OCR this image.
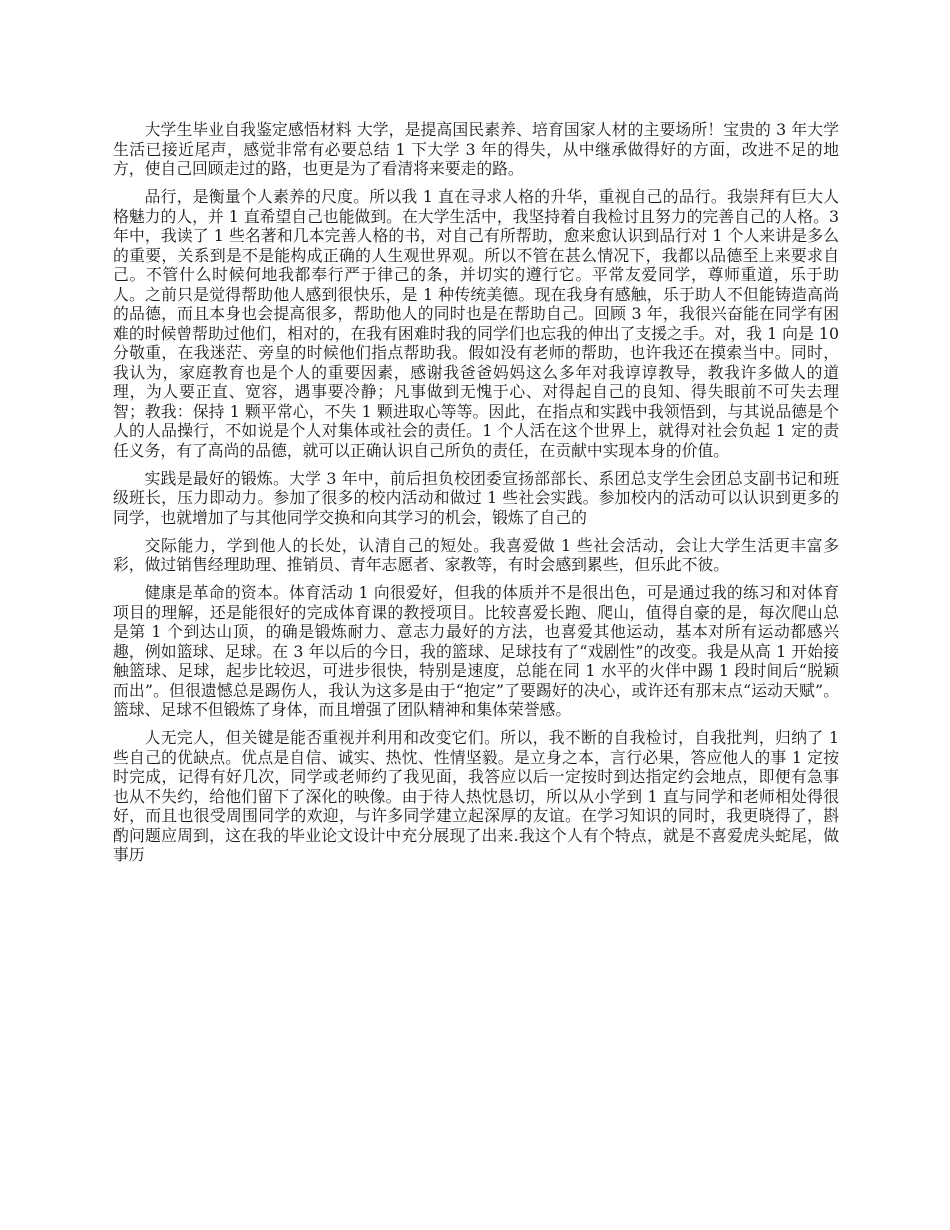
大学生毕业自我鉴定感悟材料 大学，是提高国民素养、培育国家人材的主要场所！宝贵的 3 年大学生活已接近尾声，感觉非常有必要总结 1 下大学 3 年的得失，从中继承做得好的方面，改进不足的地方，使自己回顾走过的路，也更是为了看清将来要走的路。

品行，是衡量个人素养的尺度。所以我 1 直在寻求人格的升华，重视自己的品行。我崇拜有巨大人格魅力的人，并 1 直希望自己也能做到。在大学生活中，我坚持着自我检讨且努力的完善自己的人格。3 年中，我读了 1 些名著和几本完善人格的书，对自己有所帮助，愈来愈认识到品行对 1 个人来讲是多么的重要，关系到是不是能构成正确的人生观世界观。所以不管在甚么情况下，我都以品德至上来要求自己。不管什么时候何地我都奉行严于律己的条，并切实的遵行它。平常友爱同学，尊师重道，乐于助人。之前只是觉得帮助他人感到很快乐，是 1 种传统美德。现在我身有感触，乐于助人不但能铸造高尚的品德，而且本身也会提高很多，帮助他人的同时也是在帮助自己。回顾 3 年，我很兴奋能在同学有困难的时候曾帮助过他们，相对的，在我有困难时我的同学们也忘我的伸出了支援之手。对，我 1 向是 10 分敬重，在我迷茫、旁皇的时候他们指点帮助我。假如没有老师的帮助，也许我还在摸索当中。同时，我认为，家庭教育也是个人的重要因素，感谢我爸爸妈妈这么多年对我谆谆教导，教我许多做人的道理，为人要正直、宽容，遇事要冷静；凡事做到无愧于心、对得起自己的良知、得失眼前不可失去理智；教我：保持 1 颗平常心，不失 1 颗进取心等等。因此，在指点和实践中我领悟到，与其说品德是个人的人品操行，不如说是个人对集体或社会的责任。1 个人活在这个世界上，就得对社会负起 1 定的责任义务，有了高尚的品德，就可以正确认识自己所负的责任，在贡献中实现本身的价值。

实践是最好的锻炼。大学 3 年中，前后担负校团委宣扬部部长、系团总支学生会团总支副书记和班级班长，压力即动力。参加了很多的校内活动和做过 1 些社会实践。参加校内的活动可以认识到更多的同学，也就增加了与其他同学交换和向其学习的机会，锻炼了自己的

交际能力，学到他人的长处，认清自己的短处。我喜爱做 1 些社会活动，会让大学生活更丰富多彩，做过销售经理助理、推销员、青年志愿者、家教等，有时会感到累些，但乐此不彼。

健康是革命的资本。体育活动 1 向很爱好，但我的体质并不是很出色，可是通过我的练习和对体育项目的理解，还是能很好的完成体育课的教授项目。比较喜爱长跑、爬山，值得自豪的是，每次爬山总是第 1 个到达山顶，的确是锻炼耐力、意志力最好的方法，也喜爱其他运动，基本对所有运动都感兴趣，例如篮球、足球。在 3 年以后的今日，我的篮球、足球技有了“戏剧性”的改变。我是从高 1 开始接触篮球、足球，起步比较迟，可进步很快，特别是速度，总能在同 1 水平的火伴中踢 1 段时间后“脱颖而出”。但很遗憾总是踢伤人，我认为这多是由于“抱定”了要踢好的决心，或许还有那末点“运动天赋”。篮球、足球不但锻炼了身体，而且增强了团队精神和集体荣誉感。

人无完人，但关键是能否重视并利用和改变它们。所以，我不断的自我检讨，自我批判，归纳了 1 些自己的优缺点。优点是自信、诚实、热忱、性情坚毅。是立身之本，言行必果，答应他人的事 1 定按时完成，记得有好几次，同学或老师约了我见面，我答应以后一定按时到达指定约会地点，即便有急事也从不失约，给他们留下了深化的映像。由于待人热忱恳切，所以从小学到 1 直与同学和老师相处得很好，而且也很受周围同学的欢迎，与许多同学建立起深厚的友谊。在学习知识的同时，我更晓得了，斟酌问题应周到，这在我的毕业论文设计中充分展现了出来.我这个人有个特点，就是不喜爱虎头蛇尾，做事历
